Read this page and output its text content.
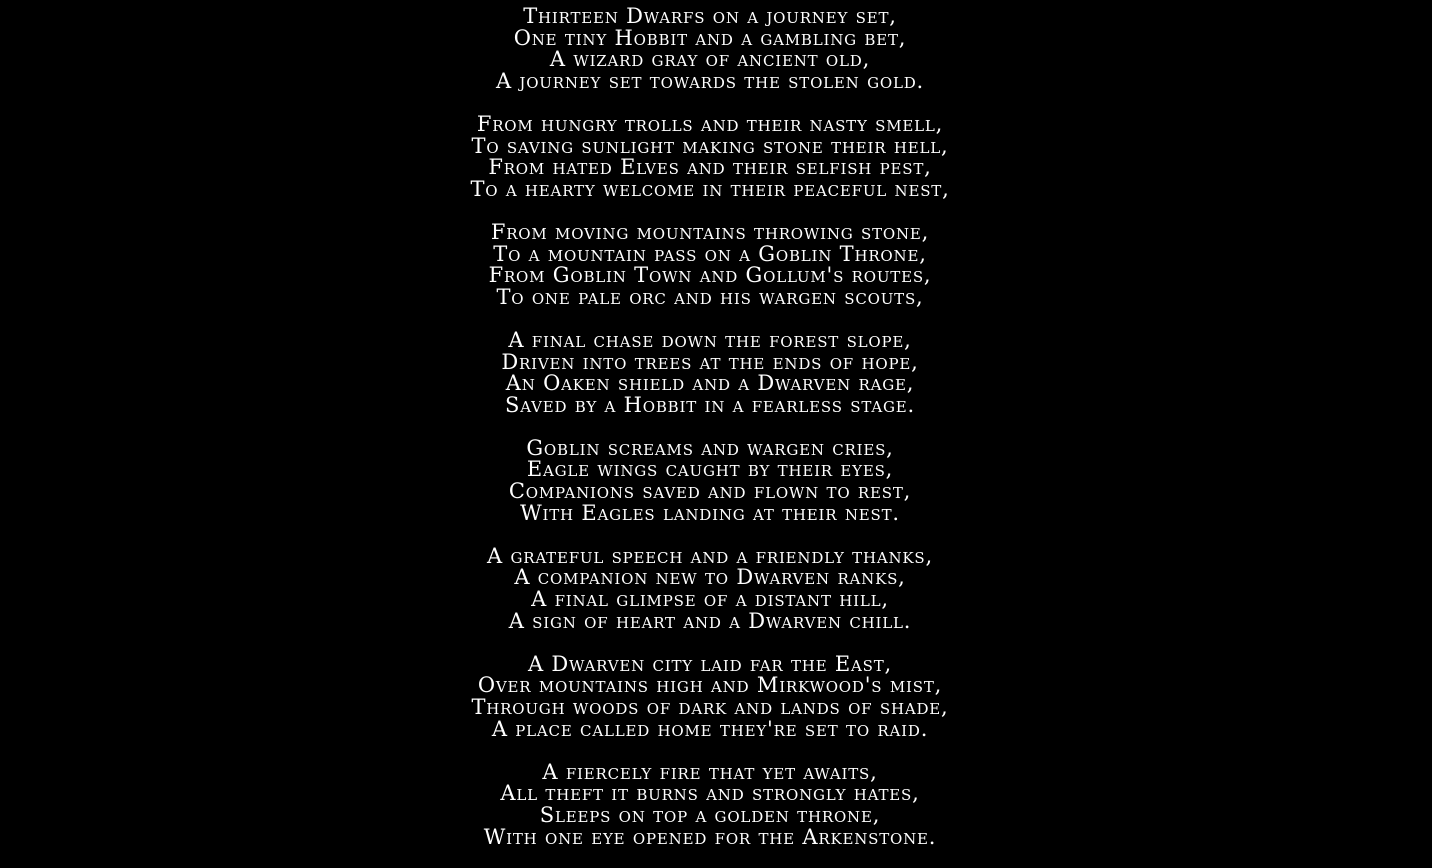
Thirteen Dwarfs on a journey set,
One tiny Hobbit and a gambling bet,
A wizard gray of ancient old,
A journey set towards the stolen gold.
From hungry trolls and their nasty smell,
To saving sunlight making stone their hell,
From hated Elves and their selfish pest,
To a hearty welcome in their peaceful nest,
From moving mountains throwing stone,
To a mountain pass on a Goblin Throne,
From Goblin Town and Gollum's routes,
To one pale orc and his wargen scouts,
A final chase down the forest slope,
Driven into trees at the ends of hope,
An Oaken shield and a Dwarven rage,
Saved by a Hobbit in a fearless stage.
Goblin screams and wargen cries,
Eagle wings caught by their eyes,
Companions saved and flown to rest,
With Eagles landing at their nest.
A grateful speech and a friendly thanks,
A companion new to Dwarven ranks,
A final glimpse of a distant hill,
A sign of heart and a Dwarven chill.
A Dwarven city laid far the East,
Over mountains high and Mirkwood's mist,
Through woods of dark and lands of shade,
A place called home they're set to raid.
A fiercely fire that yet awaits,
All theft it burns and strongly hates,
Sleeps on top a golden throne,
With one eye opened for the Arkenstone.
